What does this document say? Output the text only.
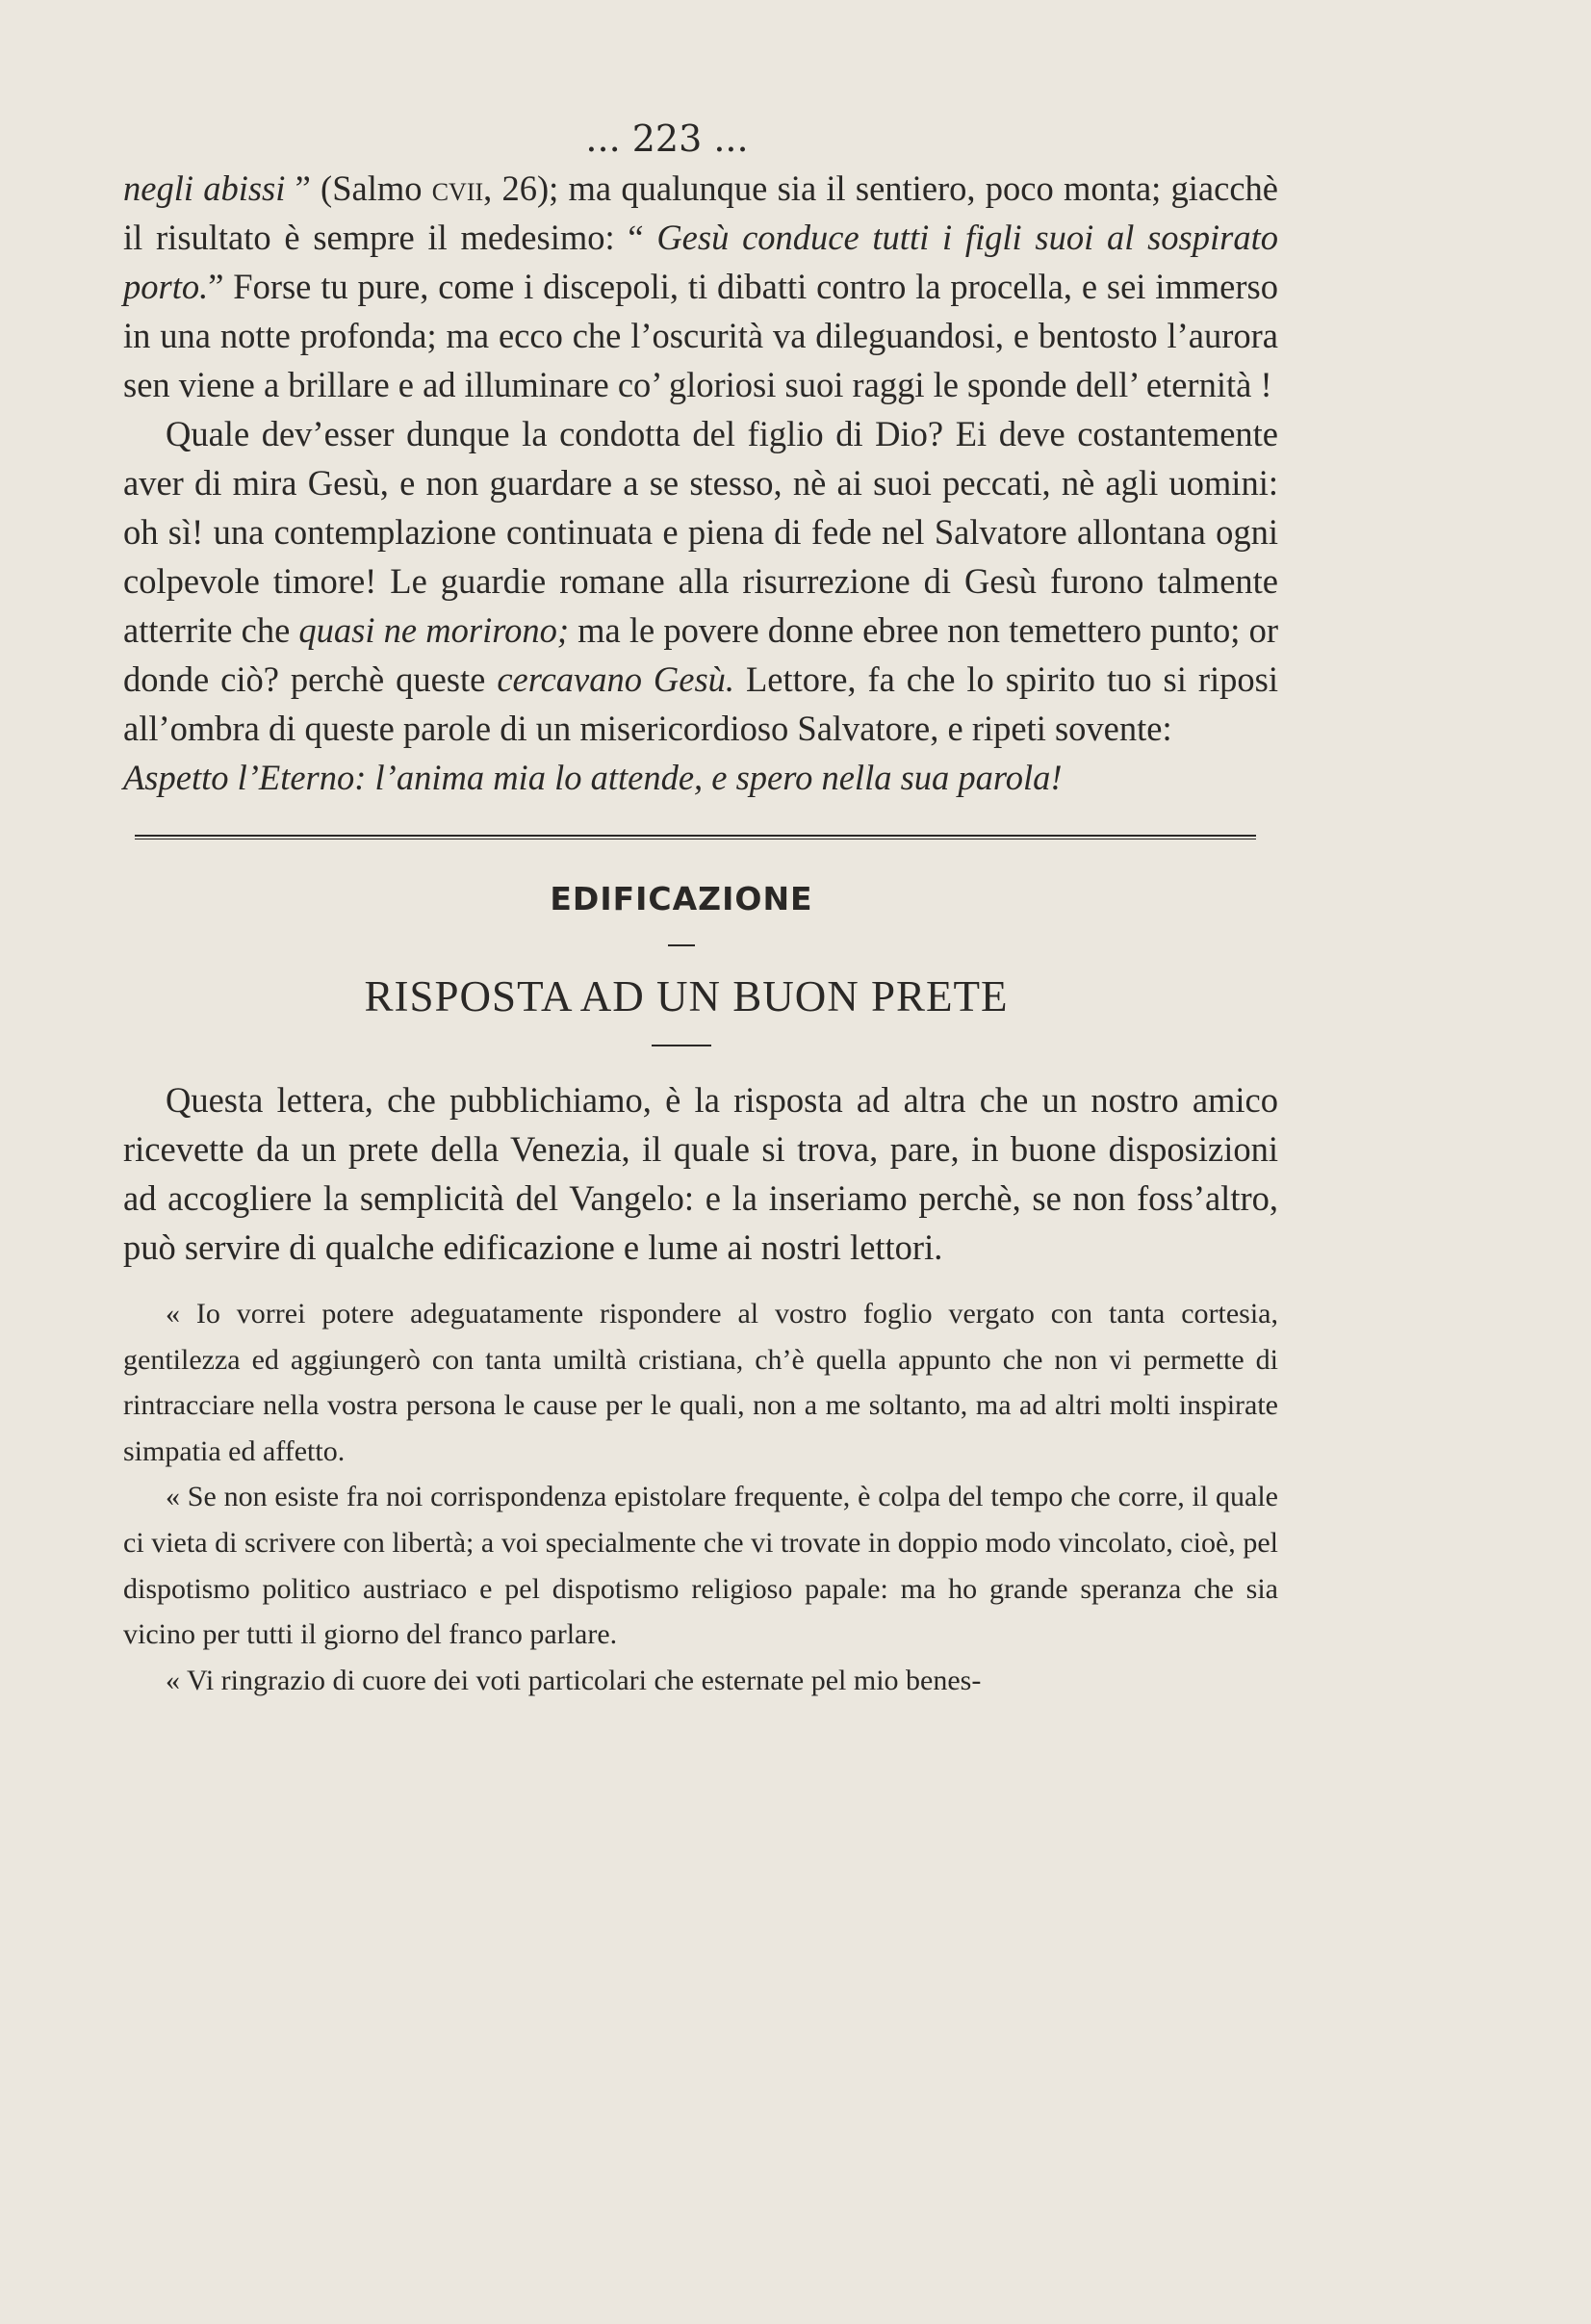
... 223 ...

negli abissi ” (Salmo cvii, 26); ma qualunque sia il sentiero, poco monta; giacchè il risultato è sempre il medesimo: “ Gesù conduce tutti i figli suoi al sospirato porto.” Forse tu pure, come i discepoli, ti dibatti contro la procella, e sei immerso in una notte profonda; ma ecco che l’oscurità va dileguandosi, e bentosto l’aurora sen viene a brillare e ad illuminare co’ gloriosi suoi raggi le sponde dell’ eternità !

Quale dev’esser dunque la condotta del figlio di Dio? Ei deve costantemente aver di mira Gesù, e non guardare a se stesso, nè ai suoi peccati, nè agli uomini: oh sì! una contemplazione continuata e piena di fede nel Salvatore allontana ogni colpevole timore! Le guardie romane alla risurrezione di Gesù furono talmente atterrite che quasi ne morirono; ma le povere donne ebree non temettero punto; or donde ciò? perchè queste cercavano Gesù. Lettore, fa che lo spirito tuo si riposi all’ombra di queste parole di un misericordioso Salvatore, e ripeti sovente:

Aspetto l’Eterno: l’anima mia lo attende, e spero nella sua parola!

EDIFICAZIONE
RISPOSTA AD UN BUON PRETE

Questa lettera, che pubblichiamo, è la risposta ad altra che un nostro amico ricevette da un prete della Venezia, il quale si trova, pare, in buone disposizioni ad accogliere la semplicità del Vangelo: e la inseriamo perchè, se non foss’altro, può servire di qualche edificazione e lume ai nostri lettori.

« Io vorrei potere adeguatamente rispondere al vostro foglio vergato con tanta cortesia, gentilezza ed aggiungerò con tanta umiltà cristiana, ch’è quella appunto che non vi permette di rintracciare nella vostra persona le cause per le quali, non a me soltanto, ma ad altri molti inspirate simpatia ed affetto.

« Se non esiste fra noi corrispondenza epistolare frequente, è colpa del tempo che corre, il quale ci vieta di scrivere con libertà; a voi specialmente che vi trovate in doppio modo vincolato, cioè, pel dispotismo politico austriaco e pel dispotismo religioso papale: ma ho grande speranza che sia vicino per tutti il giorno del franco parlare.

« Vi ringrazio di cuore dei voti particolari che esternate pel mio benes-
